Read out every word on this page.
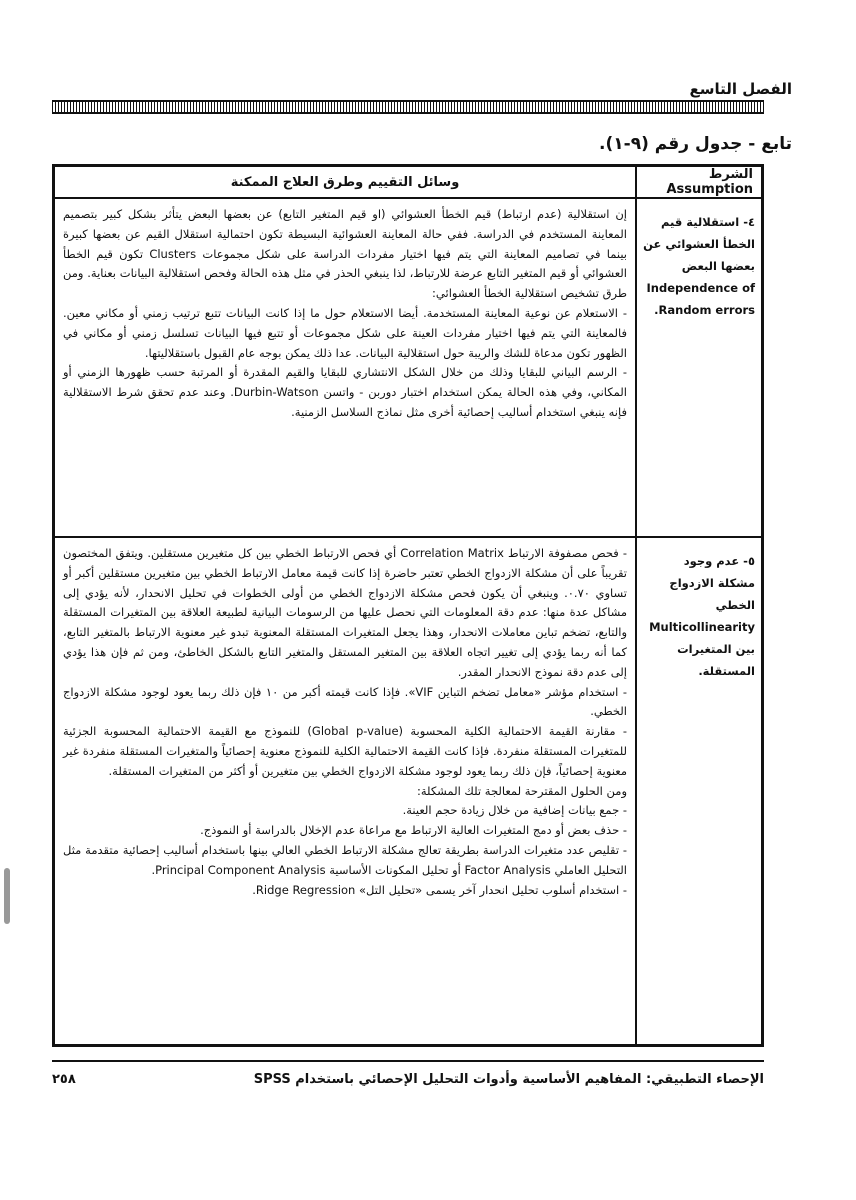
الفصل التاسع
تابع - جدول رقم (٩-١).
وسائل التقييم وطرق العلاج الممكنة	الشرط Assumption

إن استقلالية (عدم ارتباط) قيم الخطأ العشوائي (او قيم المتغير التابع) عن بعضها البعض يتأثر بشكل كبير بتصميم المعاينة المستخدم في الدراسة. ففي حالة المعاينة العشوائية البسيطة تكون احتمالية استقلال القيم عن بعضها كبيرة بينما في تصاميم المعاينة التي يتم فيها اختيار مفردات الدراسة على شكل مجموعات Clusters تكون قيم الخطأ العشوائي أو قيم المتغير التابع عرضة للارتباط، لذا ينبغي الحذر في مثل هذه الحالة وفحص استقلالية البيانات بعناية. ومن طرق تشخيص استقلالية الخطأ العشوائي:

- الاستعلام عن نوعية المعاينة المستخدمة. أيضا الاستعلام حول ما إذا كانت البيانات تتبع ترتيب زمني أو مكاني معين. فالمعاينة التي يتم فيها اختيار مفردات العينة على شكل مجموعات أو تتبع فيها البيانات تسلسل زمني أو مكاني في الظهور تكون مدعاة للشك والريبة حول استقلالية البيانات. عدا ذلك يمكن بوجه عام القبول باستقلاليتها.

- الرسم البياني للبقايا وذلك من خلال الشكل الانتشاري للبقايا والقيم المقدرة أو المرتبة حسب ظهورها الزمني أو المكاني، وفي هذه الحالة يمكن استخدام اختبار دوربن - واتسن Durbin-Watson. وعند عدم تحقق شرط الاستقلالية فإنه ينبغي استخدام أساليب إحصائية أخرى مثل نماذج السلاسل الزمنية.

٤- استقلالية قيم الخطأ العشوائي عن بعضها البعض Independence of Random errors.

- فحص مصفوفة الارتباط Correlation Matrix أي فحص الارتباط الخطي بين كل متغيرين مستقلين. ويتفق المختصون تقريباً على أن مشكلة الازدواج الخطي تعتبر حاضرة إذا كانت قيمة معامل الارتباط الخطي بين متغيرين مستقلين أكبر أو تساوي ٠.٧٠. وينبغي أن يكون فحص مشكلة الازدواج الخطي من أولى الخطوات في تحليل الانحدار، لأنه يؤدي إلى مشاكل عدة منها: عدم دقة المعلومات التي نحصل عليها من الرسومات البيانية لطبيعة العلاقة بين المتغيرات المستقلة والتابع، تضخم تباين معاملات الانحدار، وهذا يجعل المتغيرات المستقلة المعنوية تبدو غير معنوية الارتباط بالمتغير التابع، كما أنه ربما يؤدي إلى تغيير اتجاه العلاقة بين المتغير المستقل والمتغير التابع بالشكل الخاطئ، ومن ثم فإن هذا يؤدي إلى عدم دقة نموذج الانحدار المقدر.

- استخدام مؤشر «معامل تضخم التباين VIF». فإذا كانت قيمته أكبر من ١٠ فإن ذلك ربما يعود لوجود مشكلة الازدواج الخطي.

- مقارنة القيمة الاحتمالية الكلية المحسوبة (Global p-value) للنموذج مع القيمة الاحتمالية المحسوبة الجزئية للمتغيرات المستقلة منفردة. فإذا كانت القيمة الاحتمالية الكلية للنموذج معنوية إحصائياً والمتغيرات المستقلة منفردة غير معنوية إحصائياً، فإن ذلك ربما يعود لوجود مشكلة الازدواج الخطي بين متغيرين أو أكثر من المتغيرات المستقلة.

ومن الحلول المقترحة لمعالجة تلك المشكلة:

- جمع بيانات إضافية من خلال زيادة حجم العينة.

- حذف بعض أو دمج المتغيرات العالية الارتباط مع مراعاة عدم الإخلال بالدراسة أو النموذج.

- تقليص عدد متغيرات الدراسة بطريقة تعالج مشكلة الارتباط الخطي العالي بينها باستخدام أساليب إحصائية متقدمة مثل التحليل العاملي Factor Analysis أو تحليل المكونات الأساسية Principal Component Analysis.

- استخدام أسلوب تحليل انحدار آخر يسمى «تحليل التل» Ridge Regression.

٥- عدم وجود مشكلة الازدواج الخطي Multicollinearity بين المتغيرات المستقلة.
الإحصاء التطبيقي: المفاهيم الأساسية وأدوات التحليل الإحصائي باستخدام SPSS
٢٥٨
